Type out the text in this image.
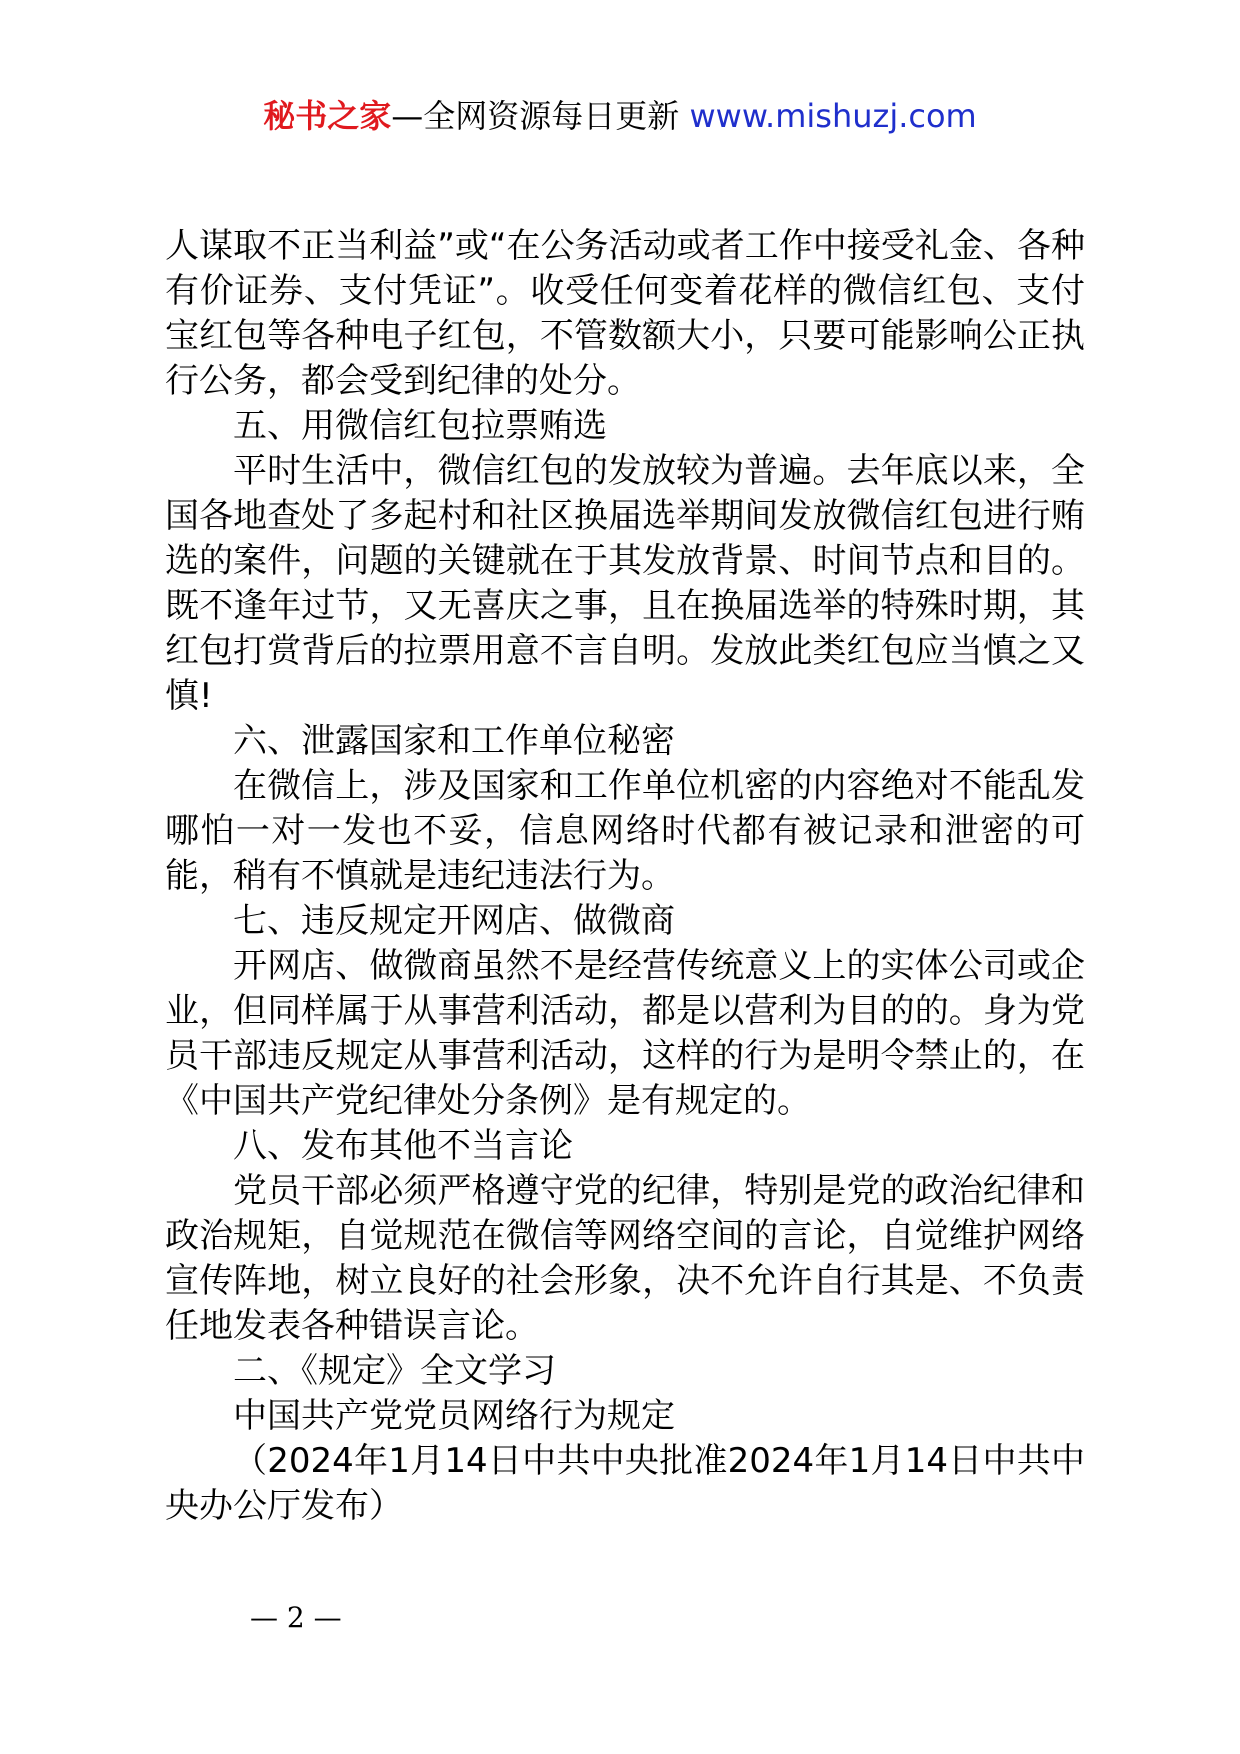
秘书之家—全网资源每日更新 www.mishuzj.com

人谋取不正当利益”或“在公务活动或者工作中接受礼金、各种有价证券、支付凭证”。收受任何变着花样的微信红包、支付宝红包等各种电子红包，不管数额大小，只要可能影响公正执行公务，都会受到纪律的处分。

五、用微信红包拉票贿选

平时生活中，微信红包的发放较为普遍。去年底以来，全国各地查处了多起村和社区换届选举期间发放微信红包进行贿选的案件，问题的关键就在于其发放背景、时间节点和目的。既不逢年过节，又无喜庆之事，且在换届选举的特殊时期，其红包打赏背后的拉票用意不言自明。发放此类红包应当慎之又慎!

六、泄露国家和工作单位秘密

在微信上，涉及国家和工作单位机密的内容绝对不能乱发哪怕一对一发也不妥，信息网络时代都有被记录和泄密的可能，稍有不慎就是违纪违法行为。

七、违反规定开网店、做微商

开网店、做微商虽然不是经营传统意义上的实体公司或企业，但同样属于从事营利活动，都是以营利为目的的。身为党员干部违反规定从事营利活动，这样的行为是明令禁止的，在《中国共产党纪律处分条例》是有规定的。

八、发布其他不当言论

党员干部必须严格遵守党的纪律，特别是党的政治纪律和政治规矩，自觉规范在微信等网络空间的言论，自觉维护网络宣传阵地，树立良好的社会形象，决不允许自行其是、不负责任地发表各种错误言论。

二、《规定》全文学习

中国共产党党员网络行为规定

（2024年1月14日中共中央批准2024年1月14日中共中央办公厅发布）

— 2 —
